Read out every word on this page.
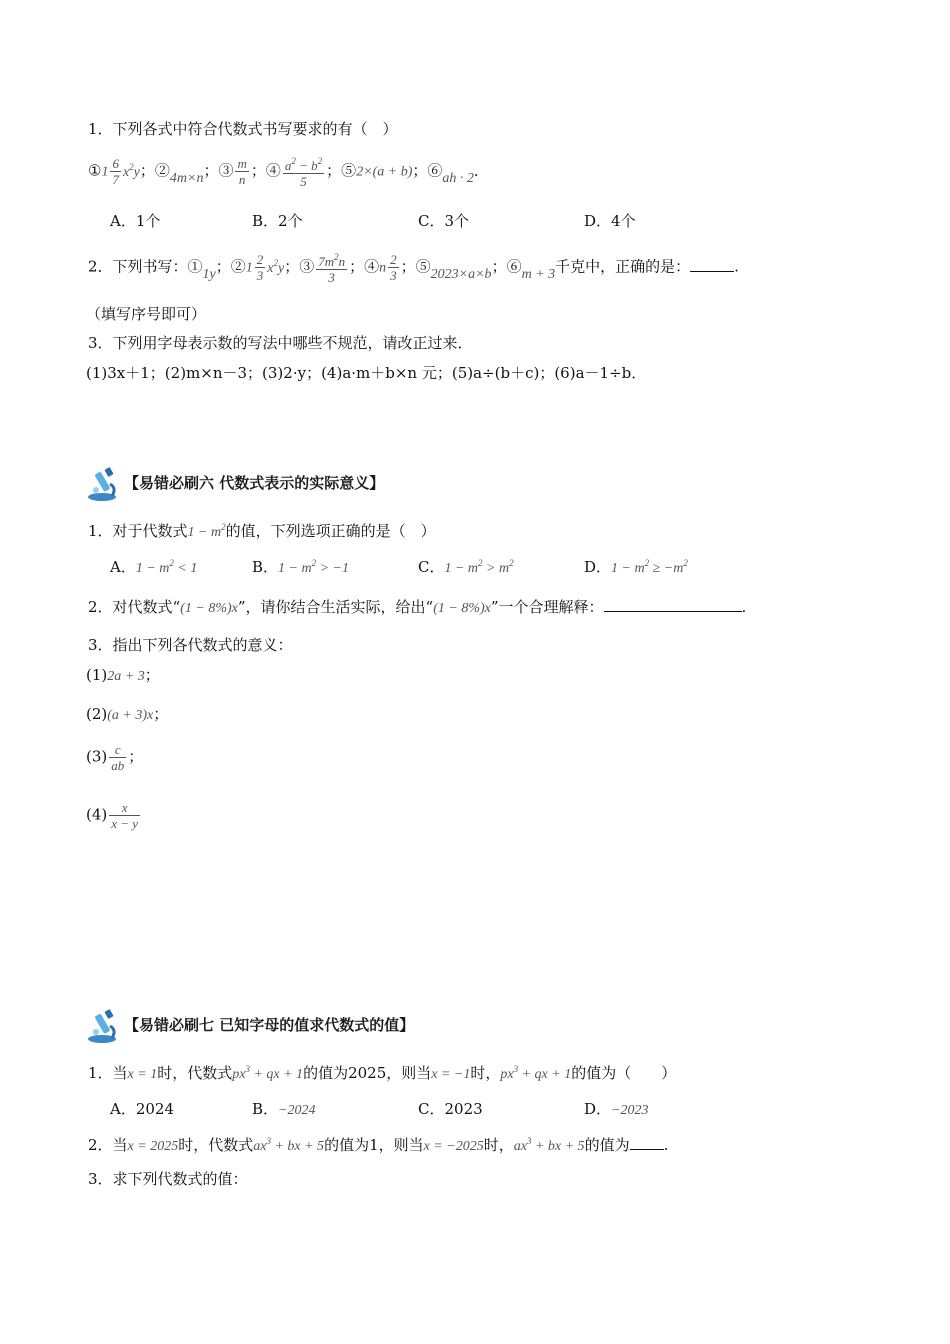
1．下列各式中符合代数式书写要求的有（　）
①1 $\frac{6}{7} x^2y$；②4m×n；③ $\frac{m}{n}$ ；④ $\frac{a^2 - b^2}{5}$ ；⑤2×(a + b)；⑥ah · 2．
A．1个	B．2个	C．3个	D．4个
2．下列书写：①1y；②1 $\frac{2}{3} x^2y$；③ $\frac{7m^2n}{3}$ ；④n $\frac{2}{3}$ ；⑤2023×a×b；⑥m + 3千克中，正确的是：	.
（填写序号即可）
3．下列用字母表示数的写法中哪些不规范，请改正过来．
(1)3x＋1；(2)m×n－3；(3)2·y；(4)a·m＋b×n 元；(5)a÷(b＋c)；(6)a－1÷b．
【易错必刷六 代数式表示的实际意义】
1．对于代数式$1 - m^2$的值，下列选项正确的是（　）
A．$1 - m^2 < 1$	B．$1 - m^2 > -1$	C．$1 - m^2 > m^2$	D．$1 - m^2 \ge -m^2$
2．对代数式“(1 − 8%)x”，请你结合生活实际，给出“(1 − 8%)x”一个合理解释：	.
3．指出下列各代数式的意义：
(1)2a + 3；
(2)(a + 3)x；
$(3) \frac{c}{ab}$ ；
$(4) \frac{x}{x - y}$
【易错必刷七 已知字母的值求代数式的值】
1．当x = 1时，代数式$px^3$ + qx + 1的值为2025，则当x = −1时，$px^3$ + qx + 1的值为（　　）
A．2024	B．−2024	C．2023	D．−2023
2．当x = 2025时，代数式$ax^3$ + bx + 5的值为1，则当x = −2025时，$ax^3$ + bx + 5的值为 .
3．求下列代数式的值：
